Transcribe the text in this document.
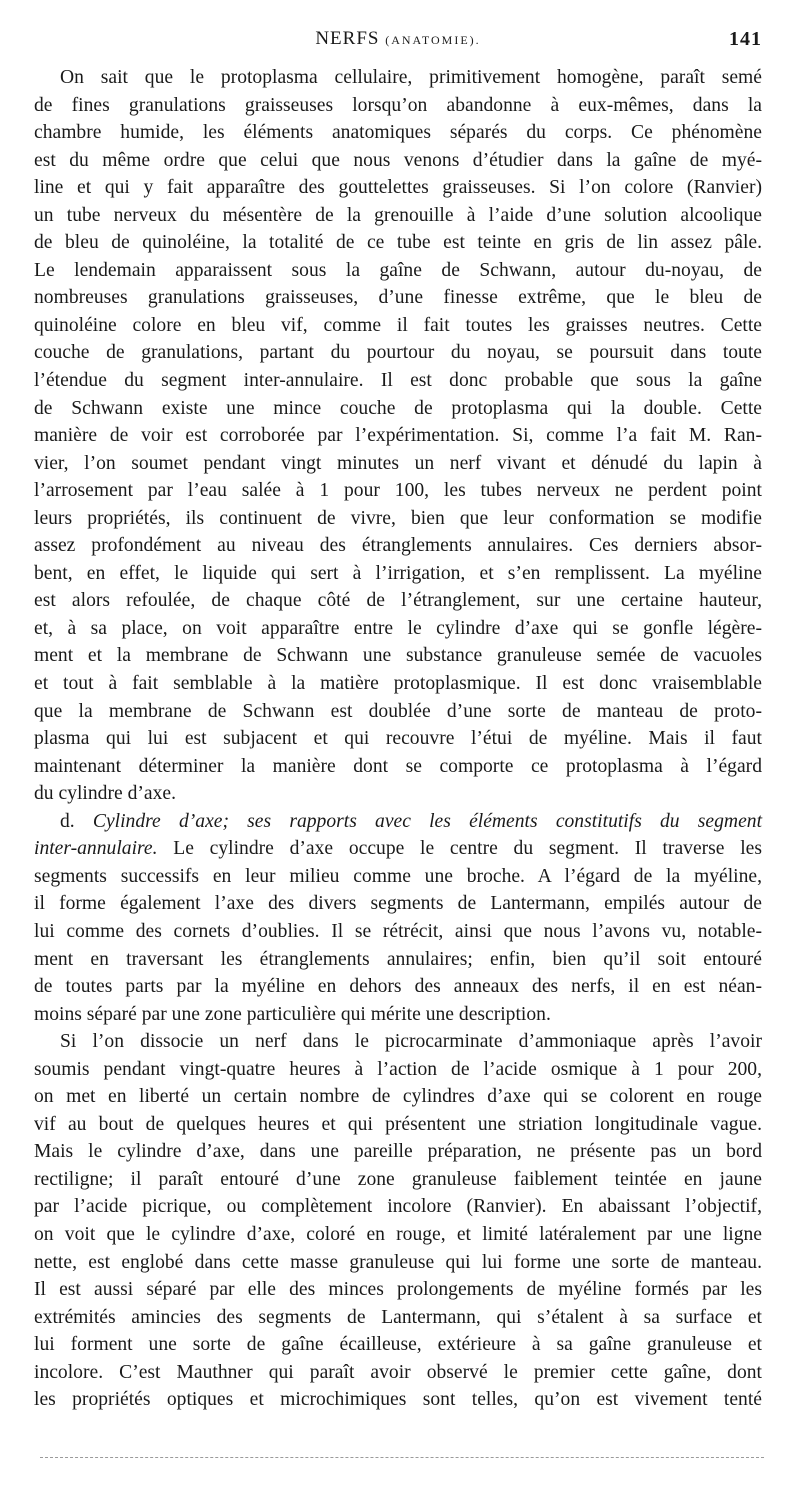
NERFS (ANATOMIE).	141
On sait que le protoplasma cellulaire, primitivement homogène, paraît semé
de fines granulations graisseuses lorsqu’on abandonne à eux-mêmes, dans la
chambre humide, les éléments anatomiques séparés du corps. Ce phénomène
est du même ordre que celui que nous venons d’étudier dans la gaîne de myé-
line et qui y fait apparaître des gouttelettes graisseuses. Si l’on colore (Ranvier)
un tube nerveux du mésentère de la grenouille à l’aide d’une solution alcoolique
de bleu de quinoléine, la totalité de ce tube est teinte en gris de lin assez pâle.
Le lendemain apparaissent sous la gaîne de Schwann, autour du-noyau, de
nombreuses granulations graisseuses, d’une finesse extrême, que le bleu de
quinoléine colore en bleu vif, comme il fait toutes les graisses neutres. Cette
couche de granulations, partant du pourtour du noyau, se poursuit dans toute
l’étendue du segment inter-annulaire. Il est donc probable que sous la gaîne
de Schwann existe une mince couche de protoplasma qui la double. Cette
manière de voir est corroborée par l’expérimentation. Si, comme l’a fait M. Ran-
vier, l’on soumet pendant vingt minutes un nerf vivant et dénudé du lapin à
l’arrosement par l’eau salée à 1 pour 100, les tubes nerveux ne perdent point
leurs propriétés, ils continuent de vivre, bien que leur conformation se modifie
assez profondément au niveau des étranglements annulaires. Ces derniers absor-
bent, en effet, le liquide qui sert à l’irrigation, et s’en remplissent. La myéline
est alors refoulée, de chaque côté de l’étranglement, sur une certaine hauteur,
et, à sa place, on voit apparaître entre le cylindre d’axe qui se gonfle légère-
ment et la membrane de Schwann une substance granuleuse semée de vacuoles
et tout à fait semblable à la matière protoplasmique. Il est donc vraisemblable
que la membrane de Schwann est doublée d’une sorte de manteau de proto-
plasma qui lui est subjacent et qui recouvre l’étui de myéline. Mais il faut
maintenant déterminer la manière dont se comporte ce protoplasma à l’égard
du cylindre d’axe.
d. Cylindre d’axe; ses rapports avec les éléments constitutifs du segment
inter-annulaire. Le cylindre d’axe occupe le centre du segment. Il traverse les
segments successifs en leur milieu comme une broche. A l’égard de la myéline,
il forme également l’axe des divers segments de Lantermann, empilés autour de
lui comme des cornets d’oublies. Il se rétrécit, ainsi que nous l’avons vu, notable-
ment en traversant les étranglements annulaires; enfin, bien qu’il soit entouré
de toutes parts par la myéline en dehors des anneaux des nerfs, il en est néan-
moins séparé par une zone particulière qui mérite une description.
Si l’on dissocie un nerf dans le picrocarminate d’ammoniaque après l’avoir
soumis pendant vingt-quatre heures à l’action de l’acide osmique à 1 pour 200,
on met en liberté un certain nombre de cylindres d’axe qui se colorent en rouge
vif au bout de quelques heures et qui présentent une striation longitudinale vague.
Mais le cylindre d’axe, dans une pareille préparation, ne présente pas un bord
rectiligne; il paraît entouré d’une zone granuleuse faiblement teintée en jaune
par l’acide picrique, ou complètement incolore (Ranvier). En abaissant l’objectif,
on voit que le cylindre d’axe, coloré en rouge, et limité latéralement par une ligne
nette, est englobé dans cette masse granuleuse qui lui forme une sorte de manteau.
Il est aussi séparé par elle des minces prolongements de myéline formés par les
extrémités amincies des segments de Lantermann, qui s’étalent à sa surface et
lui forment une sorte de gaîne écailleuse, extérieure à sa gaîne granuleuse et
incolore. C’est Mauthner qui paraît avoir observé le premier cette gaîne, dont
les propriétés optiques et microchimiques sont telles, qu’on est vivement tenté
